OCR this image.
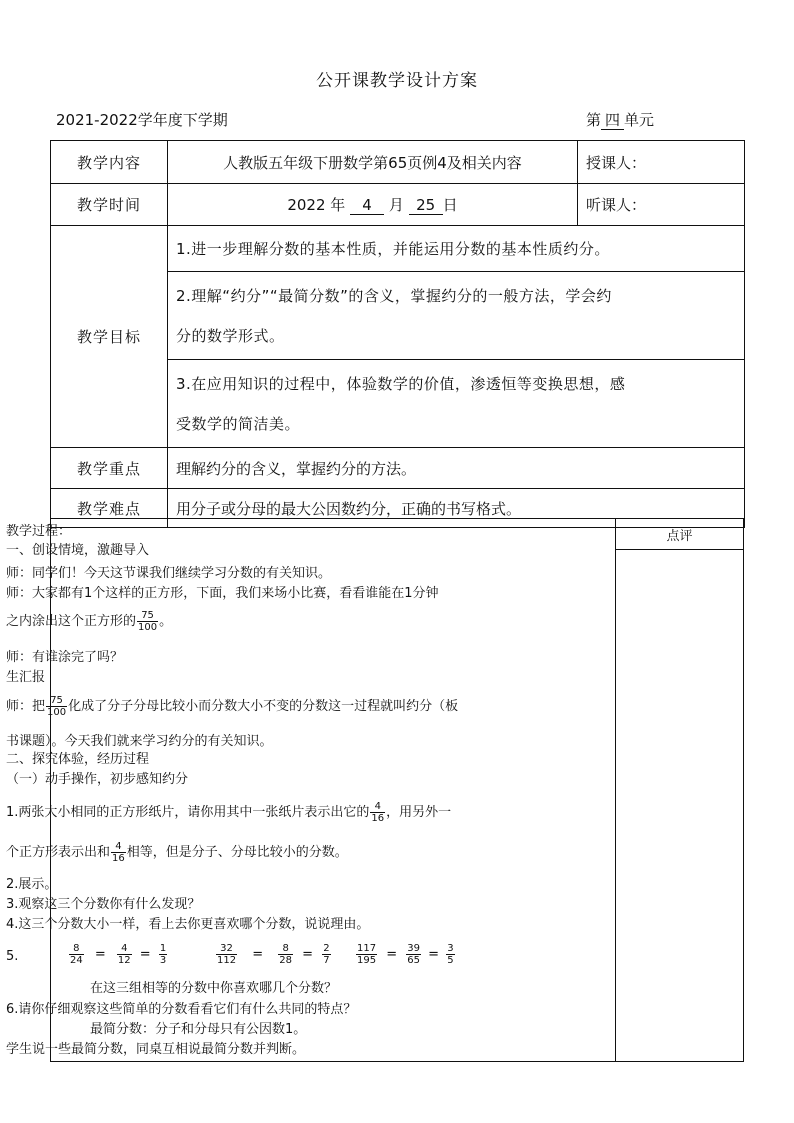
公开课教学设计方案
2021-2022学年度下学期	第 四 单元
教学内容	人教版五年级下册数学第65页例4及相关内容	授课人：
教学时间	2022 年 4 月 25 日	听课人：
教学目标	1.进一步理解分数的基本性质，并能运用分数的基本性质约分。	
	2.理解“约分”“最简分数”的含义，掌握约分的一般方法，学会约
分的数学形式。	
	3.在应用知识的过程中，体验数学的价值，渗透恒等变换思想，感
受数学的简洁美。	
教学重点	理解约分的含义，掌握约分的方法。	
教学难点	用分子或分母的最大公因数约分，正确的书写格式。	
点评
教学过程：
一、创设情境，激趣导入
师：同学们！今天这节课我们继续学习分数的有关知识。
师：大家都有1个这样的正方形，下面，我们来场小比赛，看看谁能在1分钟
之内涂出这个正方形的 $\frac{75}{100}$ 。
师：有谁涂完了吗？
生汇报
师：把 $\frac{75}{100}$ 化成了分子分母比较小而分数大小不变的分数这一过程就叫约分（板
书课题）。今天我们就来学习约分的有关知识。
二、探究体验，经历过程
（一）动手操作，初步感知约分
1.两张大小相同的正方形纸片，请你用其中一张纸片表示出它的 $\frac{4}{16}$ ，用另外一
个正方形表示出和 $\frac{4}{16}$ 相等，但是分子、分母比较小的分数。
2.展示。
3.观察这三个分数你有什么发现？
4.这三个分数大小一样，看上去你更喜欢哪个分数，说说理由。
5.	$\frac{8}{24} = \frac{4}{12} = \frac{1}{3}$	$\frac{32}{112} = \frac{8}{28} = \frac{2}{7}$	$\frac{117}{195} = \frac{39}{65} = \frac{3}{5}$
在这三组相等的分数中你喜欢哪几个分数？
6.请你仔细观察这些简单的分数看看它们有什么共同的特点？
最简分数：分子和分母只有公因数1。
学生说一些最简分数，同桌互相说最简分数并判断。
